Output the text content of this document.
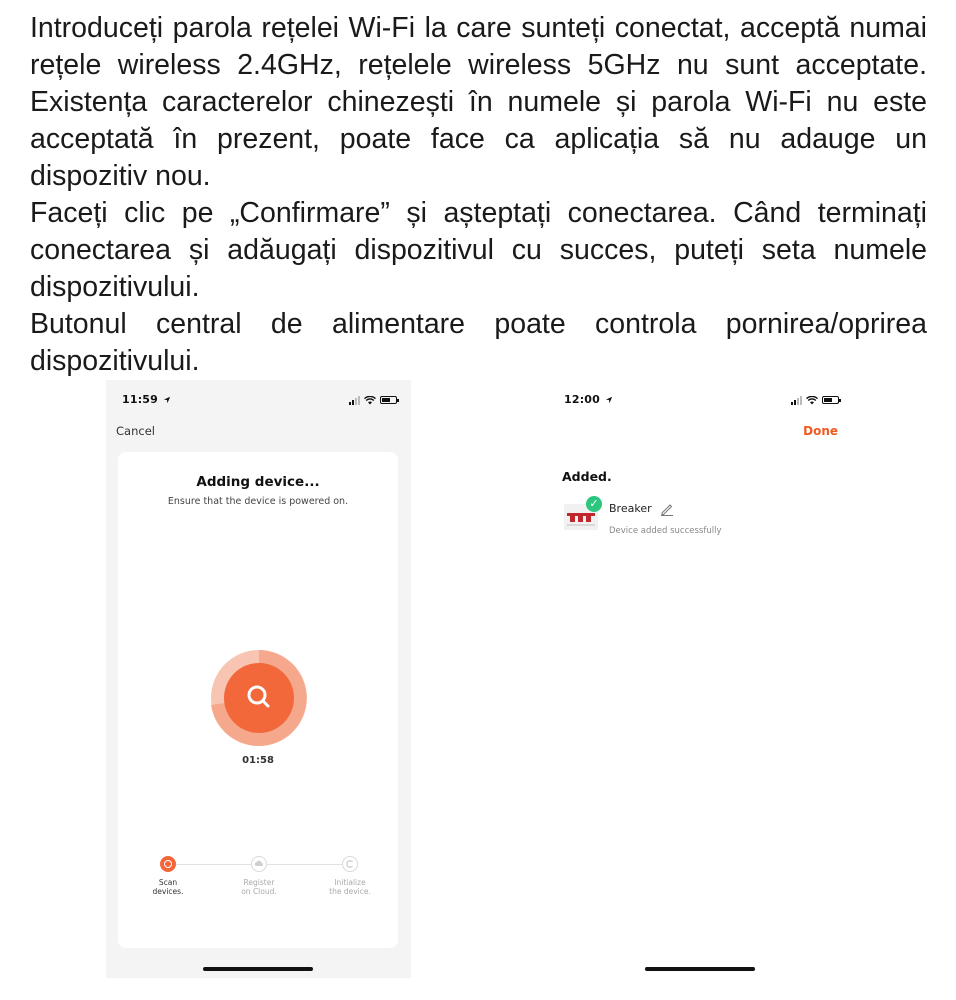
Introduceți parola rețelei Wi-Fi la care sunteți conectat, acceptă numai rețele wireless 2.4GHz, rețelele wireless 5GHz nu sunt acceptate. Existența caracterelor chinezești în numele și parola Wi-Fi nu este acceptată în prezent, poate face ca aplicația să nu adauge un dispozitiv nou.

Faceți clic pe „Confirmare” și așteptați conectarea. Când terminați conectarea și adăugați dispozitivul cu succes, puteți seta numele dispozitivului.

Butonul central de alimentare poate controla pornirea/oprirea dispozitivului.

11:59
Cancel
Adding device...
Ensure that the device is powered on.
01:58
Scan
devices.
Register
on Cloud.
Initialize
the device.
12:00
Done
Added.
✓ Breaker
Device added successfully
